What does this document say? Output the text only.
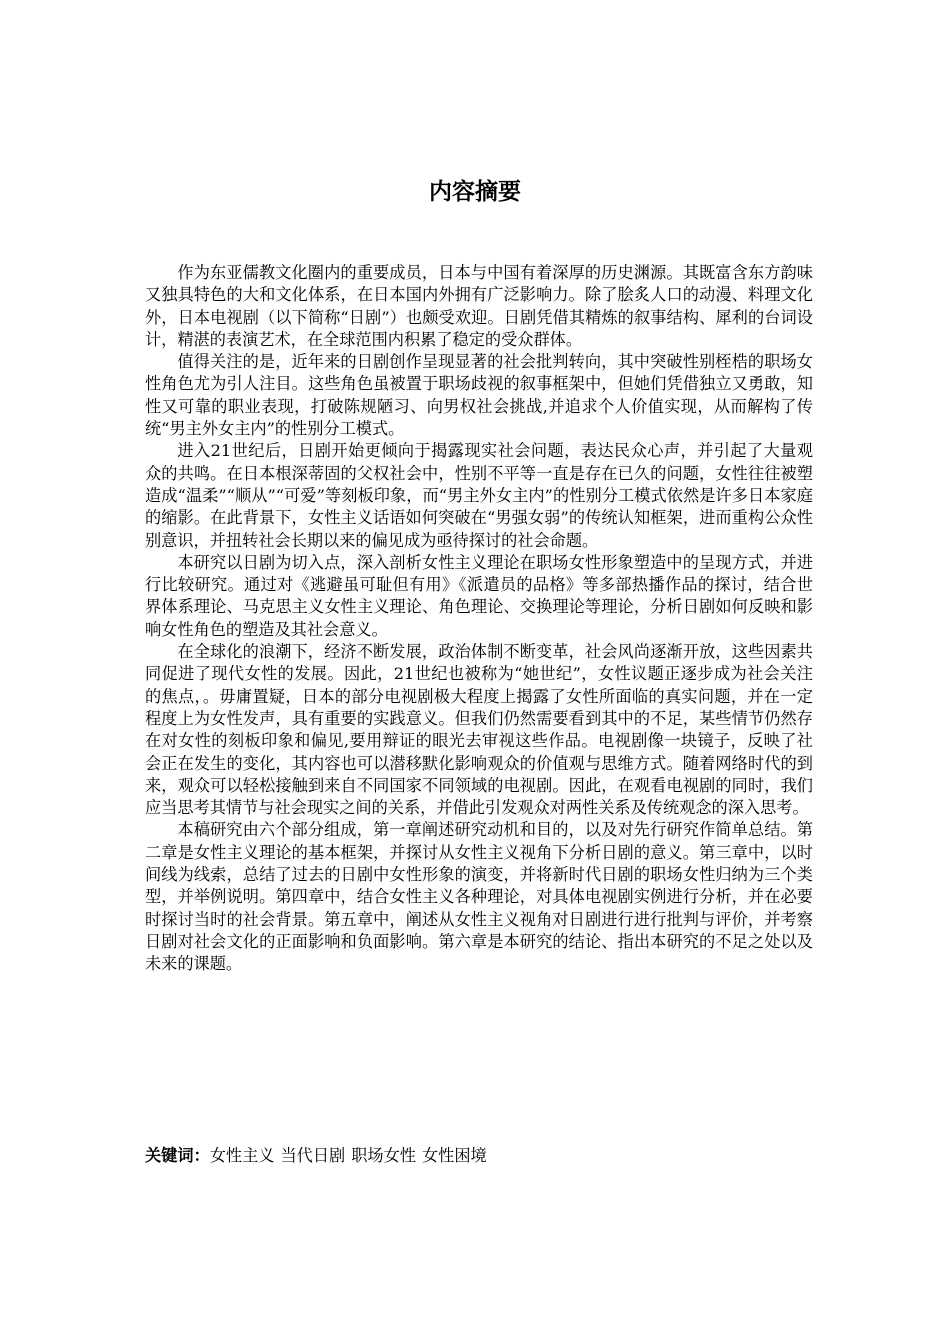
内容摘要

作为东亚儒教文化圈内的重要成员，日本与中国有着深厚的历史渊源。其既富含东方韵味又独具特色的大和文化体系，在日本国内外拥有广泛影响力。除了脍炙人口的动漫、料理文化外，日本电视剧（以下简称“日剧”）也颇受欢迎。日剧凭借其精炼的叙事结构、犀利的台词设计，精湛的表演艺术，在全球范围内积累了稳定的受众群体。

值得关注的是，近年来的日剧创作呈现显著的社会批判转向，其中突破性别桎梏的职场女性角色尤为引人注目。这些角色虽被置于职场歧视的叙事框架中，但她们凭借独立又勇敢，知性又可靠的职业表现，打破陈规陋习、向男权社会挑战,并追求个人价值实现，从而解构了传统“男主外女主内”的性别分工模式。

进入21世纪后，日剧开始更倾向于揭露现实社会问题，表达民众心声，并引起了大量观众的共鸣。在日本根深蒂固的父权社会中，性别不平等一直是存在已久的问题，女性往往被塑造成“温柔”“顺从”“可爱”等刻板印象，而“男主外女主内”的性别分工模式依然是许多日本家庭的缩影。在此背景下，女性主义话语如何突破在“男强女弱”的传统认知框架，进而重构公众性别意识，并扭转社会长期以来的偏见成为亟待探讨的社会命题。

本研究以日剧为切入点，深入剖析女性主义理论在职场女性形象塑造中的呈现方式，并进行比较研究。通过对《逃避虽可耻但有用》《派遣员的品格》等多部热播作品的探讨，结合世界体系理论、马克思主义女性主义理论、角色理论、交换理论等理论，分析日剧如何反映和影响女性角色的塑造及其社会意义。

在全球化的浪潮下，经济不断发展，政治体制不断变革，社会风尚逐渐开放，这些因素共同促进了现代女性的发展。因此，21世纪也被称为“她世纪”，女性议题正逐步成为社会关注的焦点，。毋庸置疑，日本的部分电视剧极大程度上揭露了女性所面临的真实问题，并在一定程度上为女性发声，具有重要的实践意义。但我们仍然需要看到其中的不足，某些情节仍然存在对女性的刻板印象和偏见,要用辩证的眼光去审视这些作品。电视剧像一块镜子，反映了社会正在发生的变化，其内容也可以潜移默化影响观众的价值观与思维方式。随着网络时代的到来，观众可以轻松接触到来自不同国家不同领域的电视剧。因此，在观看电视剧的同时，我们应当思考其情节与社会现实之间的关系，并借此引发观众对两性关系及传统观念的深入思考。

本稿研究由六个部分组成，第一章阐述研究动机和目的，以及对先行研究作简单总结。第二章是女性主义理论的基本框架，并探讨从女性主义视角下分析日剧的意义。第三章中，以时间线为线索，总结了过去的日剧中女性形象的演变，并将新时代日剧的职场女性归纳为三个类型，并举例说明。第四章中，结合女性主义各种理论，对具体电视剧实例进行分析，并在必要时探讨当时的社会背景。第五章中，阐述从女性主义视角对日剧进行进行批判与评价，并考察日剧对社会文化的正面影响和负面影响。第六章是本研究的结论、指出本研究的不足之处以及未来的课题。

关键词：女性主义 当代日剧 职场女性 女性困境
